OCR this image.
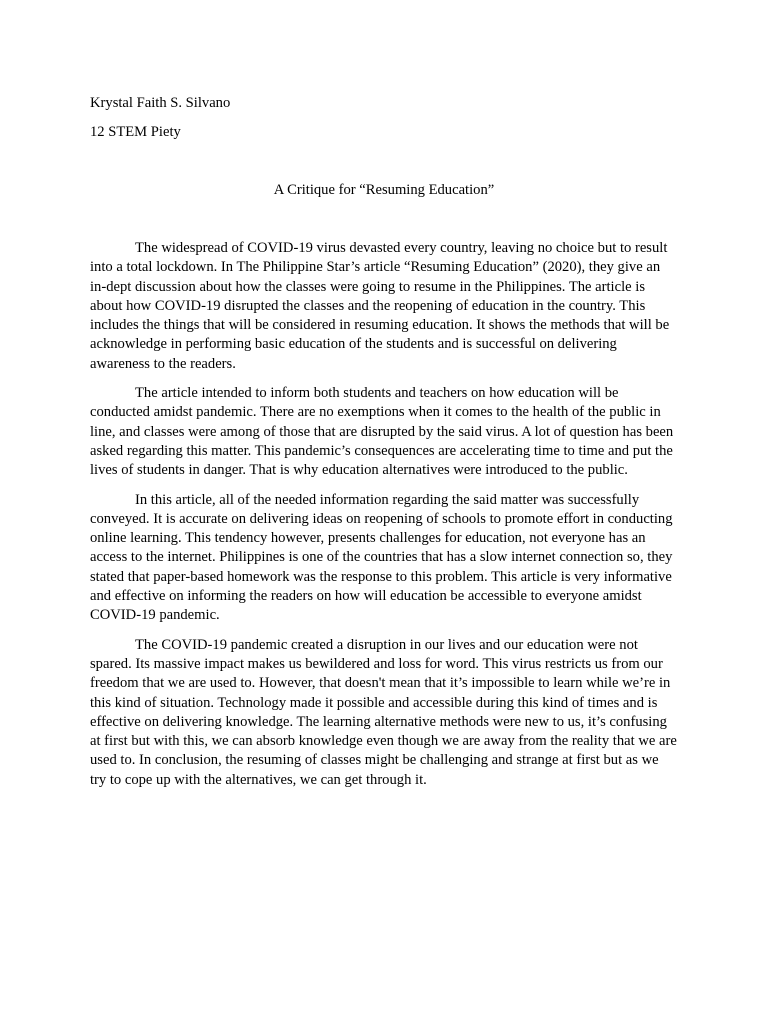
Krystal Faith S. Silvano

12 STEM Piety

A Critique for “Resuming Education”

The widespread of COVID-19 virus devasted every country, leaving no choice but to result into a total lockdown. In The Philippine Star’s article “Resuming Education” (2020), they give an in-dept discussion about how the classes were going to resume in the Philippines. The article is about how COVID-19 disrupted the classes and the reopening of education in the country. This includes the things that will be considered in resuming education. It shows the methods that will be acknowledge in performing basic education of the students and is successful on delivering awareness to the readers.

The article intended to inform both students and teachers on how education will be conducted amidst pandemic. There are no exemptions when it comes to the health of the public in line, and classes were among of those that are disrupted by the said virus. A lot of question has been asked regarding this matter. This pandemic’s consequences are accelerating time to time and put the lives of students in danger. That is why education alternatives were introduced to the public.

In this article, all of the needed information regarding the said matter was successfully conveyed. It is accurate on delivering ideas on reopening of schools to promote effort in conducting online learning. This tendency however, presents challenges for education, not everyone has an access to the internet. Philippines is one of the countries that has a slow internet connection so, they stated that paper-based homework was the response to this problem. This article is very informative and effective on informing the readers on how will education be accessible to everyone amidst COVID-19 pandemic.

The COVID-19 pandemic created a disruption in our lives and our education were not spared. Its massive impact makes us bewildered and loss for word. This virus restricts us from our freedom that we are used to. However, that doesn't mean that it’s impossible to learn while we’re in this kind of situation. Technology made it possible and accessible during this kind of times and is effective on delivering knowledge. The learning alternative methods were new to us, it’s confusing at first but with this, we can absorb knowledge even though we are away from the reality that we are used to. In conclusion, the resuming of classes might be challenging and strange at first but as we try to cope up with the alternatives, we can get through it.
